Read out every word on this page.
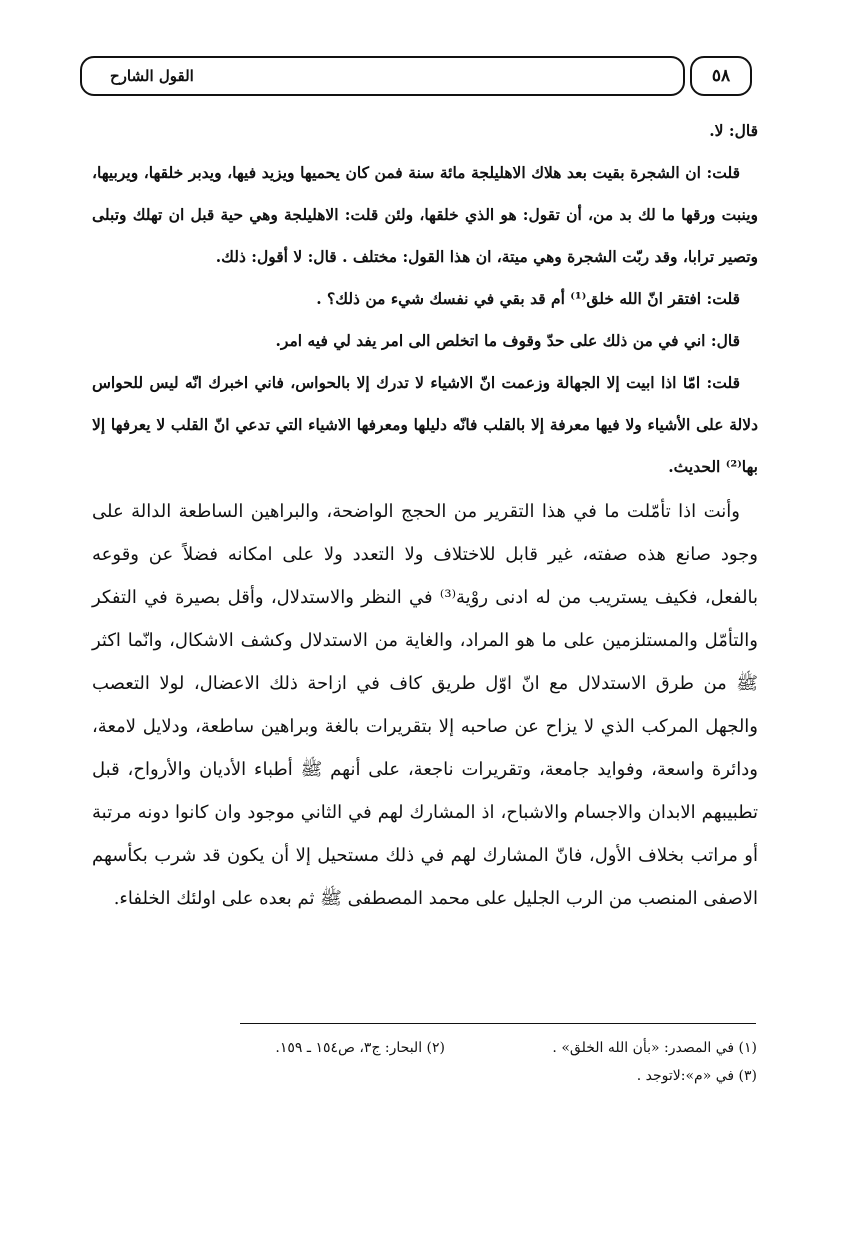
القول الشارح	٥٨

قال: لا.

قلت: ان الشجرة بقيت بعد هلاك الاهليلجة مائة سنة فمن كان يحميها ويزيد فيها، ويدبر خلقها، ويربيها، وينبت ورقها ما لك بد من، أن تقول: هو الذي خلقها، ولئن قلت: الاهليلجة وهي حية قبل ان تهلك وتبلى وتصير ترابا، وقد ربّت الشجرة وهي ميتة، ان هذا القول: مختلف . قال: لا أقول: ذلك.

قلت: افتقر انّ الله خلق⁽¹⁾ أم قد بقي في نفسك شيء من ذلك؟ .

قال: اني في من ذلك على حدّ وقوف ما اتخلص الى امر يفد لي فيه امر.

قلت: امّا اذا ابيت إلا الجهالة وزعمت انّ الاشياء لا تدرك إلا بالحواس، فاني اخبرك انّه ليس للحواس دلالة على الأشياء ولا فيها معرفة إلا بالقلب فانّه دليلها ومعرفها الاشياء التي تدعي انّ القلب لا يعرفها إلا بها⁽²⁾ الحديث.

وأنت اذا تأمّلت ما في هذا التقرير من الحجج الواضحة، والبراهين الساطعة الدالة على وجود صانع هذه صفته، غير قابل للاختلاف ولا التعدد ولا على امكانه فضلاً عن وقوعه بالفعل، فكيف يستريب من له ادنى روْية⁽³⁾ في النظر والاستدلال، وأقل بصيرة في التفكر والتأمّل والمستلزمين على ما هو المراد، والغاية من الاستدلال وكشف الاشكال، وانّما اكثر ﷺ من طرق الاستدلال مع انّ اوّل طريق كاف في ازاحة ذلك الاعضال، لولا التعصب والجهل المركب الذي لا يزاح عن صاحبه إلا بتقريرات بالغة وبراهين ساطعة، ودلايل لامعة، ودائرة واسعة، وفوايد جامعة، وتقريرات ناجعة، على أنهم ﷺ أطباء الأديان والأرواح، قبل تطبيبهم الابدان والاجسام والاشباح، اذ المشارك لهم في الثاني موجود وان كانوا دونه مرتبة أو مراتب بخلاف الأول، فانّ المشارك لهم في ذلك مستحيل إلا أن يكون قد شرب بكأسهم الاصفى المنصب من الرب الجليل على محمد المصطفى ﷺ ثم بعده على اولئك الخلفاء.

(١) في المصدر: «بأن الله الخلق» .
(٢) البحار: ج٣، ص١٥٤ ـ ١٥٩.
(٣) في «م»:لاتوجد .
